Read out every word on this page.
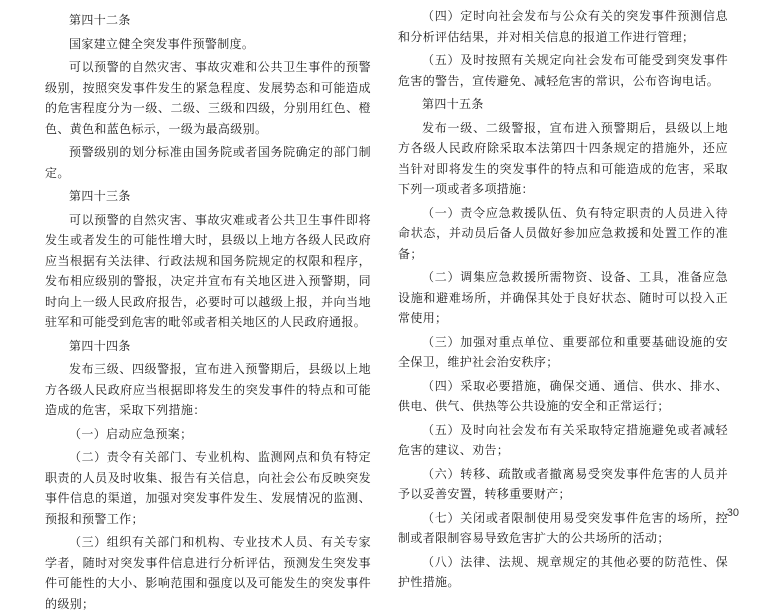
第四十二条
国家建立健全突发事件预警制度。
可以预警的自然灾害、事故灾难和公共卫生事件的预警级别，按照突发事件发生的紧急程度、发展势态和可能造成的危害程度分为一级、二级、三级和四级，分别用红色、橙色、黄色和蓝色标示，一级为最高级别。
预警级别的划分标准由国务院或者国务院确定的部门制定。
第四十三条
可以预警的自然灾害、事故灾难或者公共卫生事件即将发生或者发生的可能性增大时，县级以上地方各级人民政府应当根据有关法律、行政法规和国务院规定的权限和程序，发布相应级别的警报，决定并宣布有关地区进入预警期，同时向上一级人民政府报告，必要时可以越级上报，并向当地驻军和可能受到危害的毗邻或者相关地区的人民政府通报。
第四十四条
发布三级、四级警报，宣布进入预警期后，县级以上地方各级人民政府应当根据即将发生的突发事件的特点和可能造成的危害，采取下列措施：
（一）启动应急预案；
（二）责令有关部门、专业机构、监测网点和负有特定职责的人员及时收集、报告有关信息，向社会公布反映突发事件信息的渠道，加强对突发事件发生、发展情况的监测、预报和预警工作；
（三）组织有关部门和机构、专业技术人员、有关专家学者，随时对突发事件信息进行分析评估，预测发生突发事件可能性的大小、影响范围和强度以及可能发生的突发事件的级别；
（四）定时向社会发布与公众有关的突发事件预测信息和分析评估结果，并对相关信息的报道工作进行管理；
（五）及时按照有关规定向社会发布可能受到突发事件危害的警告，宣传避免、减轻危害的常识，公布咨询电话。
第四十五条
发布一级、二级警报，宣布进入预警期后，县级以上地方各级人民政府除采取本法第四十四条规定的措施外，还应当针对即将发生的突发事件的特点和可能造成的危害，采取下列一项或者多项措施：
（一）责令应急救援队伍、负有特定职责的人员进入待命状态，并动员后备人员做好参加应急救援和处置工作的准备；
（二）调集应急救援所需物资、设备、工具，准备应急设施和避难场所，并确保其处于良好状态、随时可以投入正常使用；
（三）加强对重点单位、重要部位和重要基础设施的安全保卫，维护社会治安秩序；
（四）采取必要措施，确保交通、通信、供水、排水、供电、供气、供热等公共设施的安全和正常运行；
（五）及时向社会发布有关采取特定措施避免或者减轻危害的建议、劝告；
（六）转移、疏散或者撤离易受突发事件危害的人员并予以妥善安置，转移重要财产；
（七）关闭或者限制使用易受突发事件危害的场所，控制或者限制容易导致危害扩大的公共场所的活动；
（八）法律、法规、规章规定的其他必要的防范性、保护性措施。
30
